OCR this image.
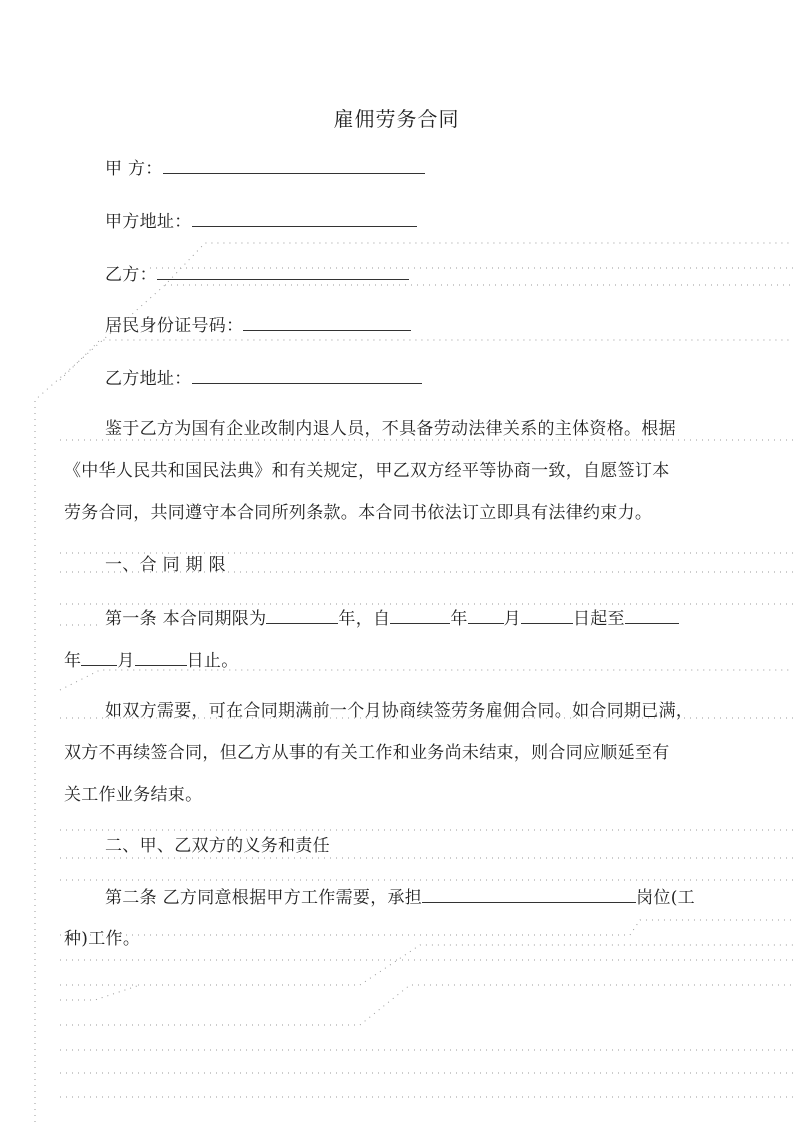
雇佣劳务合同
甲 方：
甲方地址：
乙方：
居民身份证号码：
乙方地址：
鉴于乙方为国有企业改制内退人员，不具备劳动法律关系的主体资格。根据
《中华人民共和国民法典》和有关规定，甲乙双方经平等协商一致，自愿签订本
劳务合同，共同遵守本合同所列条款。本合同书依法订立即具有法律约束力。
一、合 同 期 限
第一条 本合同期限为	年，自	年 月	日起至
年 月	日止。
如双方需要，可在合同期满前一个月协商续签劳务雇佣合同。如合同期已满，
双方不再续签合同，但乙方从事的有关工作和业务尚未结束，则合同应顺延至有
关工作业务结束。
二、甲、乙双方的义务和责任
第二条 乙方同意根据甲方工作需要，承担	岗位(工
种)工作。
